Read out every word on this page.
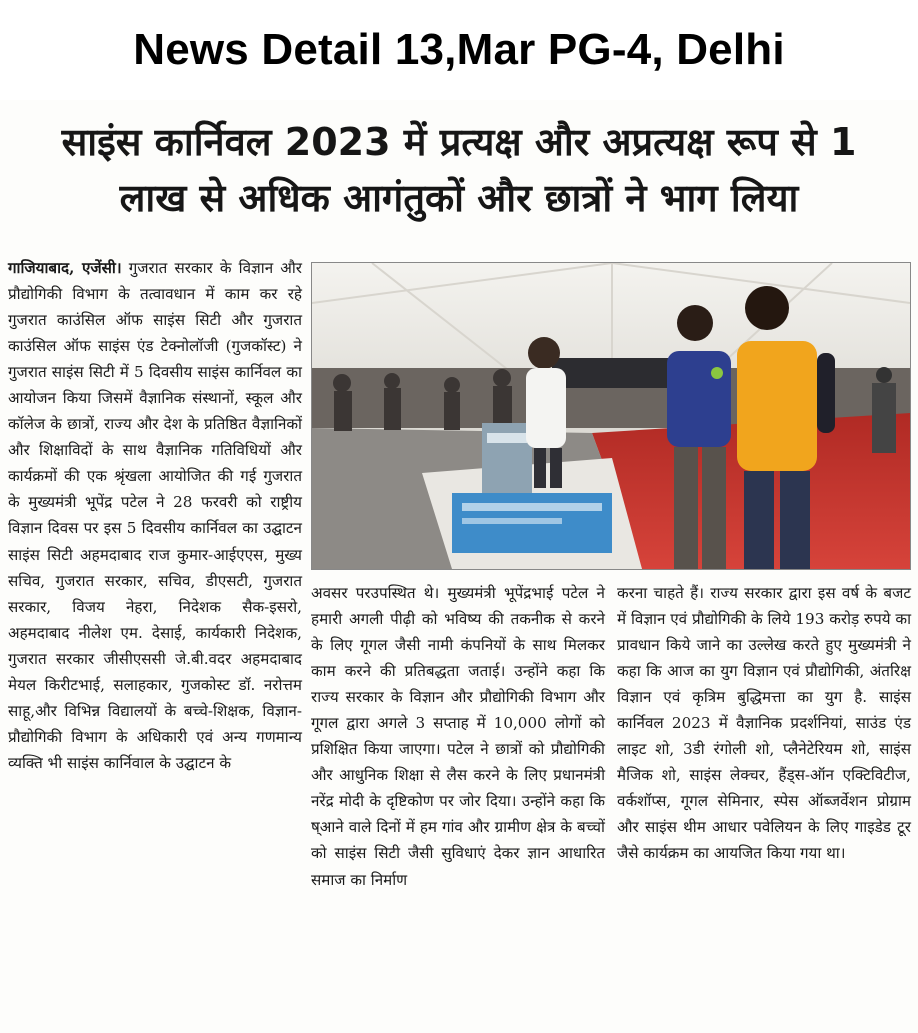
News Detail 13,Mar PG-4, Delhi
साइंस कार्निवल 2023 में प्रत्यक्ष और अप्रत्यक्ष रूप से 1
लाख से अधिक आगंतुकों और छात्रों ने भाग लिया
गाजियाबाद, एजेंसी। गुजरात सरकार के विज्ञान और प्रौद्योगिकी विभाग के तत्वावधान में काम कर रहे गुजरात काउंसिल ऑफ साइंस सिटी और गुजरात काउंसिल ऑफ साइंस एंड टेक्नोलॉजी (गुजकॉस्ट) ने गुजरात साइंस सिटी में 5 दिवसीय साइंस कार्निवल का आयोजन किया जिसमें वैज्ञानिक संस्थानों, स्कूल और कॉलेज के छात्रों, राज्य और देश के प्रतिष्ठित वैज्ञानिकों और शिक्षाविदों के साथ वैज्ञानिक गतिविधियों और कार्यक्रमों की एक श्रृंखला आयोजित की गई गुजरात के मुख्यमंत्री भूपेंद्र पटेल ने 28 फरवरी को राष्ट्रीय विज्ञान दिवस पर इस 5 दिवसीय कार्निवल का उद्घाटन साइंस सिटी अहमदाबाद राज कुमार-आईएएस, मुख्य सचिव, गुजरात सरकार, सचिव, डीएसटी, गुजरात सरकार, विजय नेहरा, निदेशक सैक-इसरो, अहमदाबाद नीलेश एम. देसाई, कार्यकारी निदेशक, गुजरात सरकार जीसीएससी जे.बी.वदर अहमदाबाद मेयल किरीटभाई, सलाहकार, गुजकोस्ट डॉ. नरोत्तम साहू,और विभिन्न विद्यालयों के बच्चे-शिक्षक, विज्ञान-प्रौद्योगिकी विभाग के अधिकारी एवं अन्य गणमान्य व्यक्ति भी साइंस कार्निवाल के उद्घाटन के
अवसर परउपस्थित थे। मुख्यमंत्री भूपेंद्रभाई पटेल ने हमारी अगली पीढ़ी को भविष्य की तकनीक से करने के लिए गूगल जैसी नामी कंपनियों के साथ मिलकर काम करने की प्रतिबद्धता जताई। उन्होंने कहा कि राज्य सरकार के विज्ञान और प्रौद्योगिकी विभाग और गूगल द्वारा अगले 3 सप्ताह में 10,000 लोगों को प्रशिक्षित किया जाएगा। पटेल ने छात्रों को प्रौद्योगिकी और आधुनिक शिक्षा से लैस करने के लिए प्रधानमंत्री नरेंद्र मोदी के दृष्टिकोण पर जोर दिया। उन्होंने कहा कि ष्आने वाले दिनों में हम गांव और ग्रामीण क्षेत्र के बच्चों को साइंस सिटी जैसी सुविधाएं देकर ज्ञान आधारित समाज का निर्माण
करना चाहते हैं। राज्य सरकार द्वारा इस वर्ष के बजट में विज्ञान एवं प्रौद्योगिकी के लिये 193 करोड़ रुपये का प्रावधान किये जाने का उल्लेख करते हुए मुख्यमंत्री ने कहा कि आज का युग विज्ञान एवं प्रौद्योगिकी, अंतरिक्ष विज्ञान एवं कृत्रिम बुद्धिमत्ता का युग है. साइंस कार्निवल 2023 में वैज्ञानिक प्रदर्शनियां, साउंड एंड लाइट शो, 3डी रंगोली शो, प्लैनेटेरियम शो, साइंस मैजिक शो, साइंस लेक्चर, हैंड्स-ऑन एक्टिविटीज, वर्कशॉप्स, गूगल सेमिनार, स्पेस ऑब्जर्वेशन प्रोग्राम और साइंस थीम आधार पवेलियन के लिए गाइडेड टूर जैसे कार्यक्रम का आयजित किया गया था।
